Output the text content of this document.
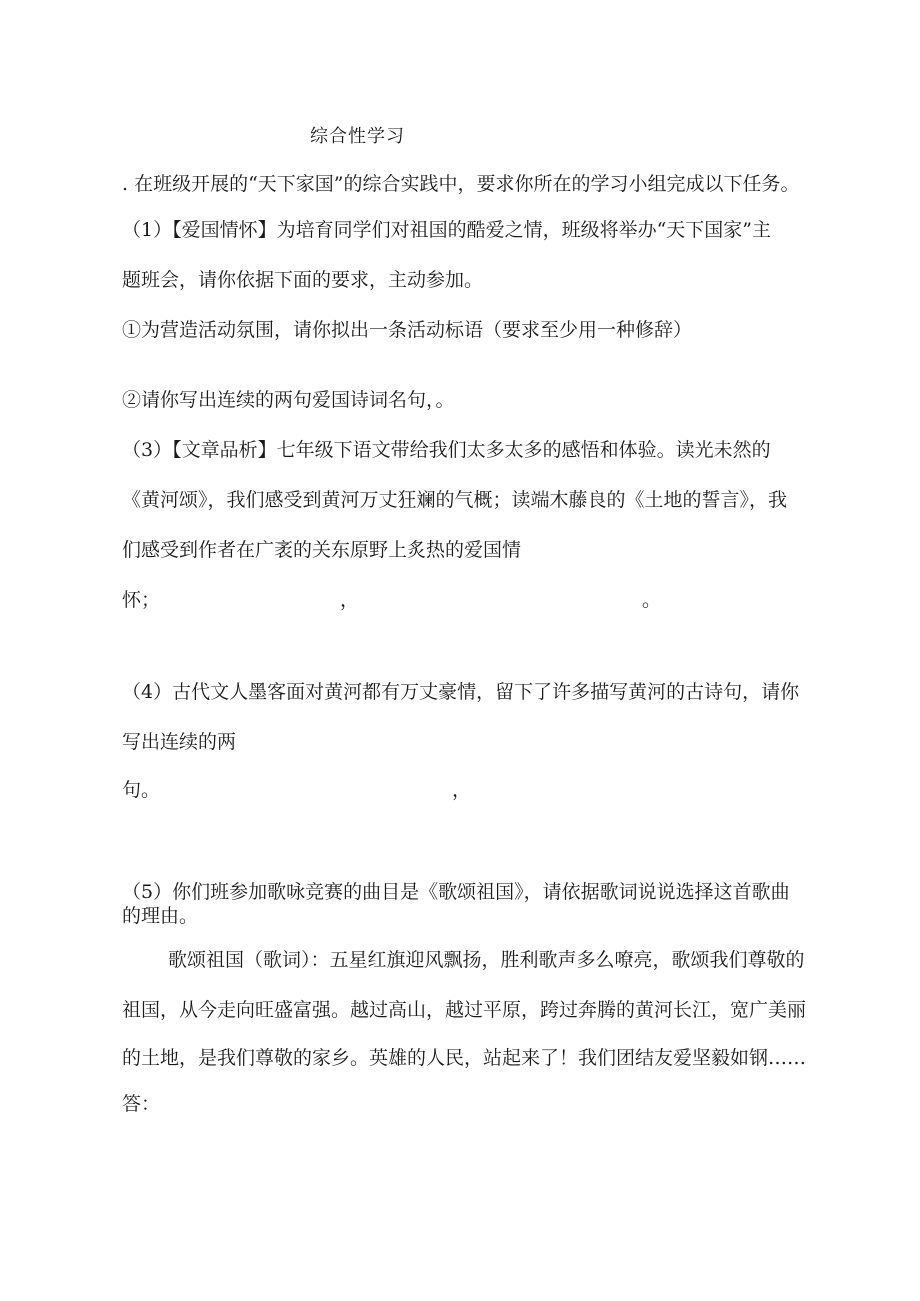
综合性学习
. 在班级开展的“天下家国”的综合实践中，要求你所在的学习小组完成以下任务。
（1）【爱国情怀】为培育同学们对祖国的酷爱之情，班级将举办“天下国家”主
题班会，请你依据下面的要求，主动参加。
①为营造活动氛围，请你拟出一条活动标语（要求至少用一种修辞）
②请你写出连续的两句爱国诗词名句，。
（3）【文章品析】七年级下语文带给我们太多太多的感悟和体验。读光未然的
《黄河颂》，我们感受到黄河万丈狂斓的气概；读端木藤良的《土地的誓言》，我
们感受到作者在广袤的关东原野上炙热的爱国情
怀；	，	。
（4）古代文人墨客面对黄河都有万丈豪情，留下了许多描写黄河的古诗句，请你
写出连续的两
句。	，
（5）你们班参加歌咏竞赛的曲目是《歌颂祖国》，请依据歌词说说选择这首歌曲
的理由。
歌颂祖国（歌词）：五星红旗迎风飘扬，胜利歌声多么嘹亮，歌颂我们尊敬的
祖国，从今走向旺盛富强。越过高山，越过平原，跨过奔腾的黄河长江，宽广美丽
的土地，是我们尊敬的家乡。英雄的人民，站起来了！我们团结友爱坚毅如钢……
答：
